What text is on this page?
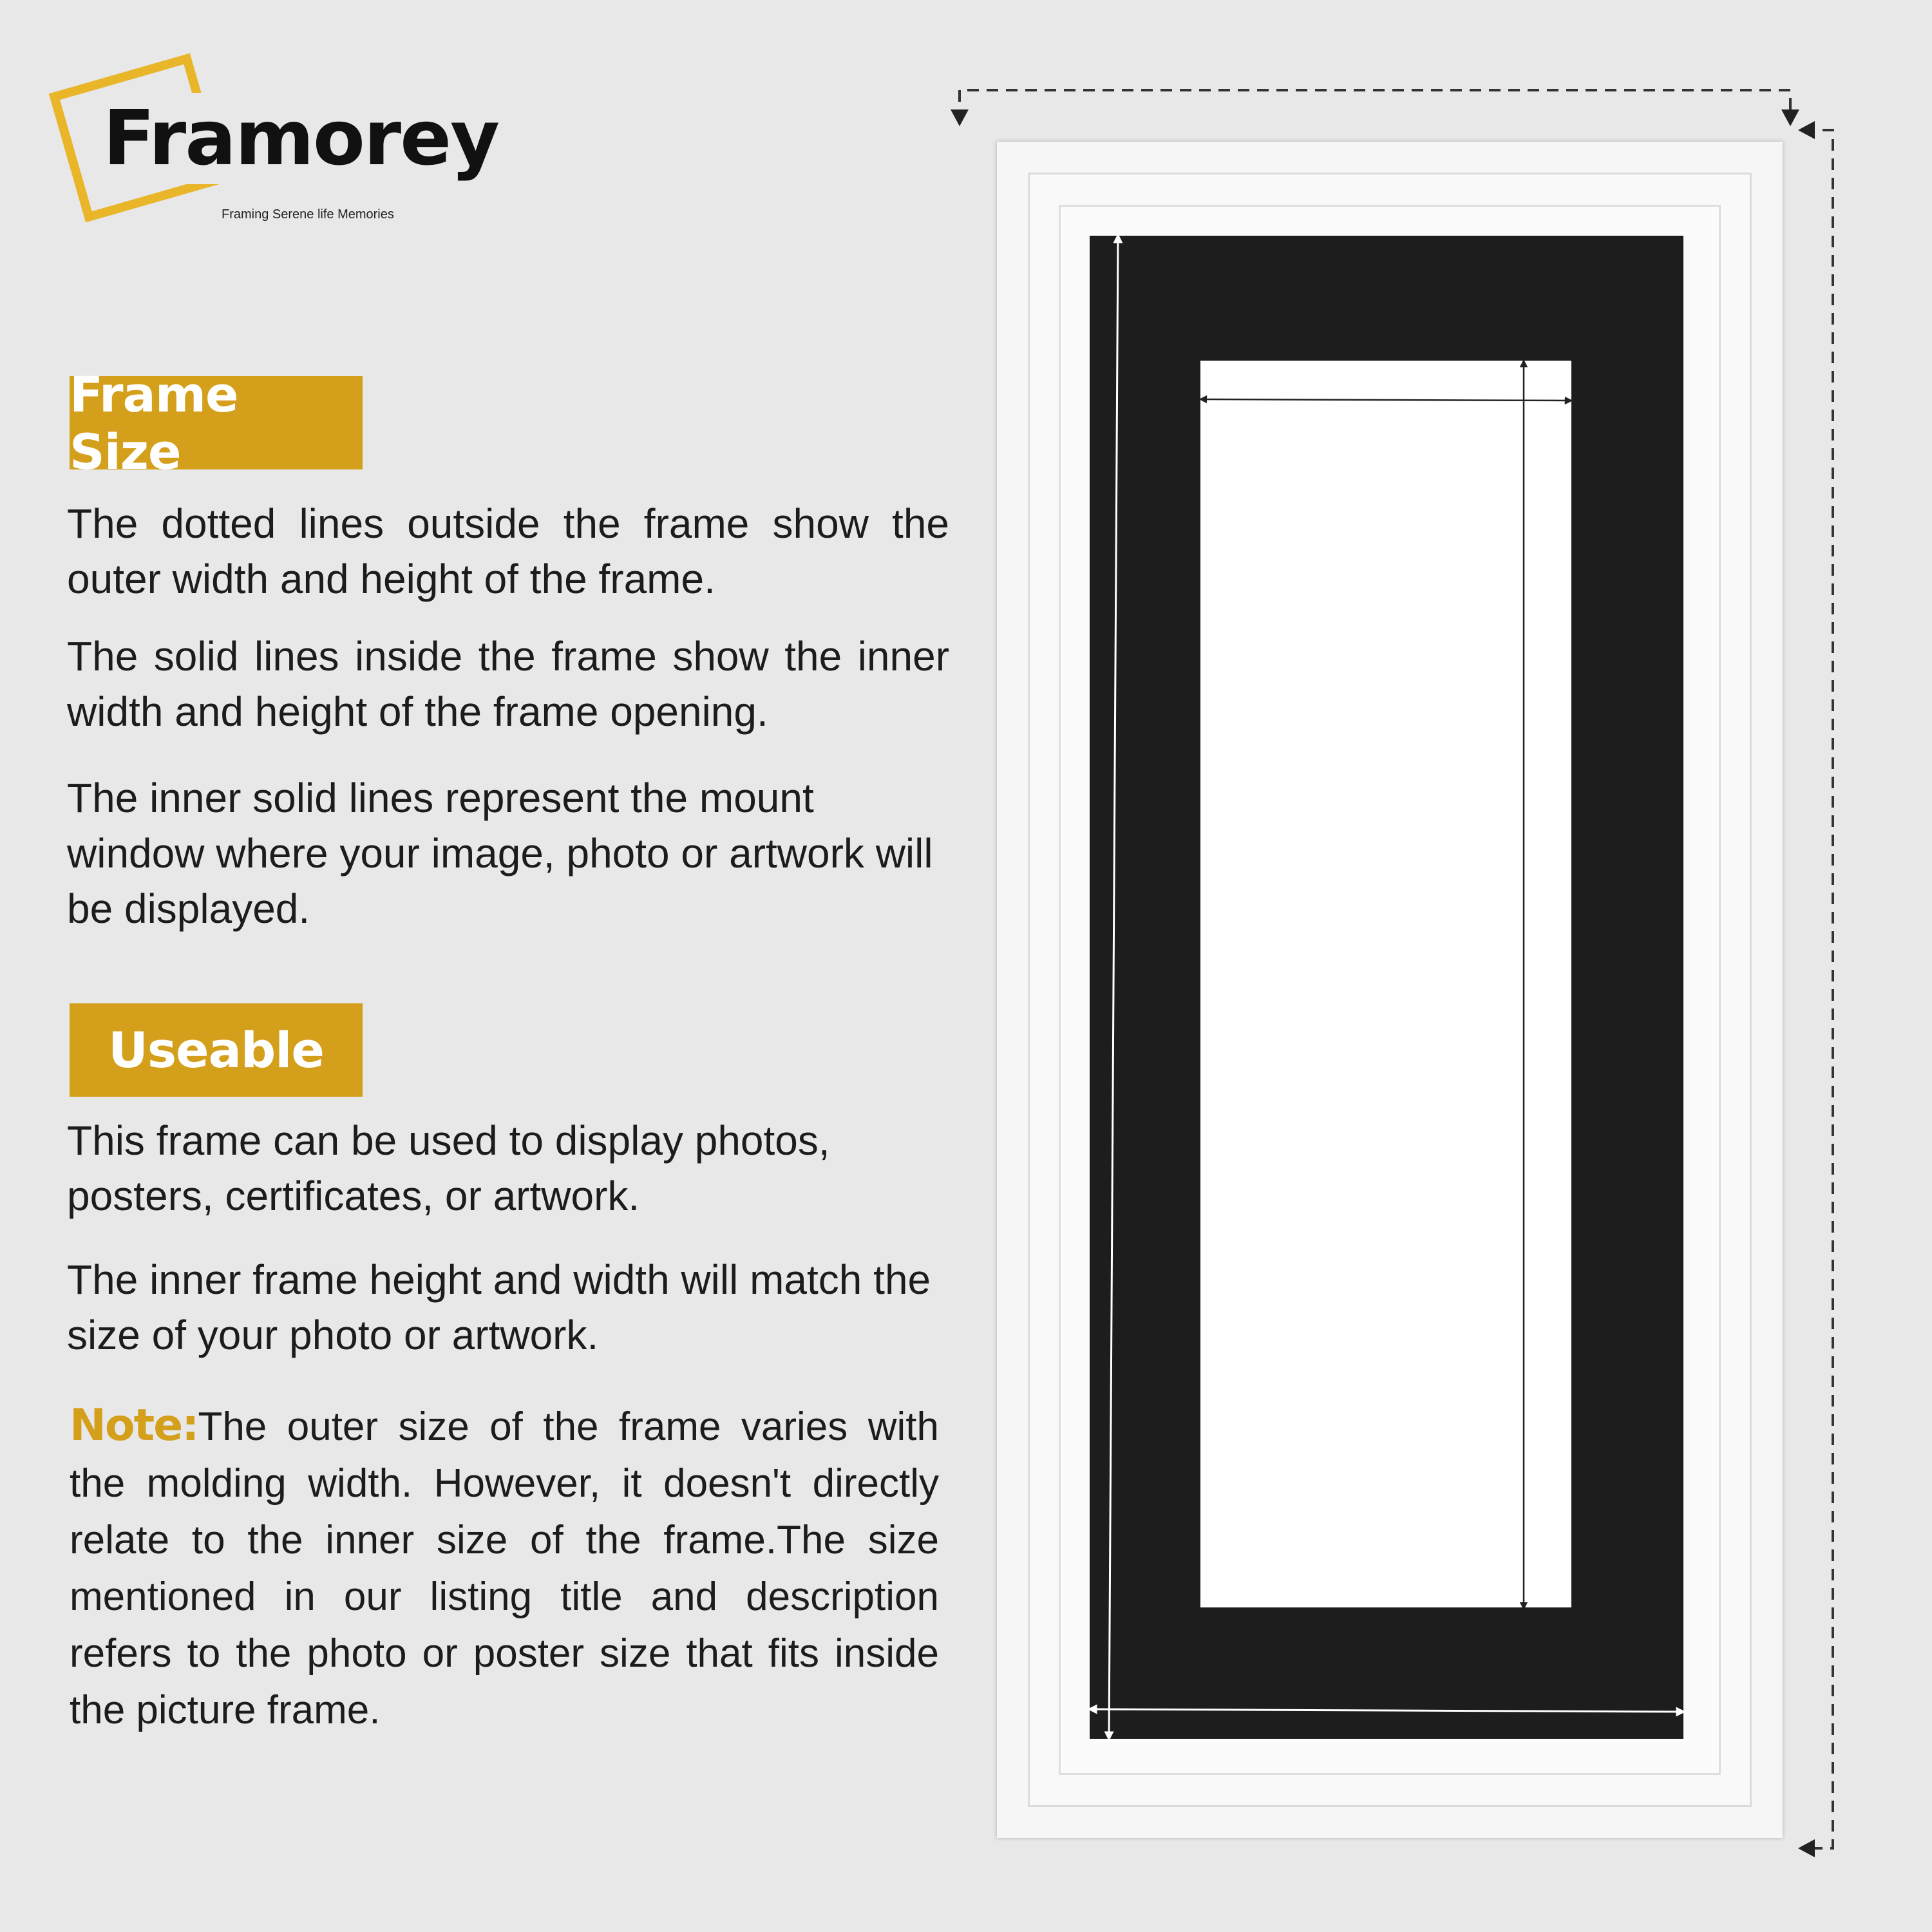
Framorey
Framing Serene life Memories
Frame Size
The dotted lines outside the frame show the outer width and height of the frame.
The solid lines inside the frame show the inner width and height of the frame opening.
The inner solid lines represent the mount window where your image, photo or artwork will be displayed.
Useable
This frame can be used to display photos, posters, certificates, or artwork.
The inner frame height and width will match the size of your photo or artwork.
Note:The outer size of the frame varies with the molding width. However, it doesn't directly relate to the inner size of the frame.The size mentioned in our listing title and description refers to the photo or poster size that fits inside the picture frame.
